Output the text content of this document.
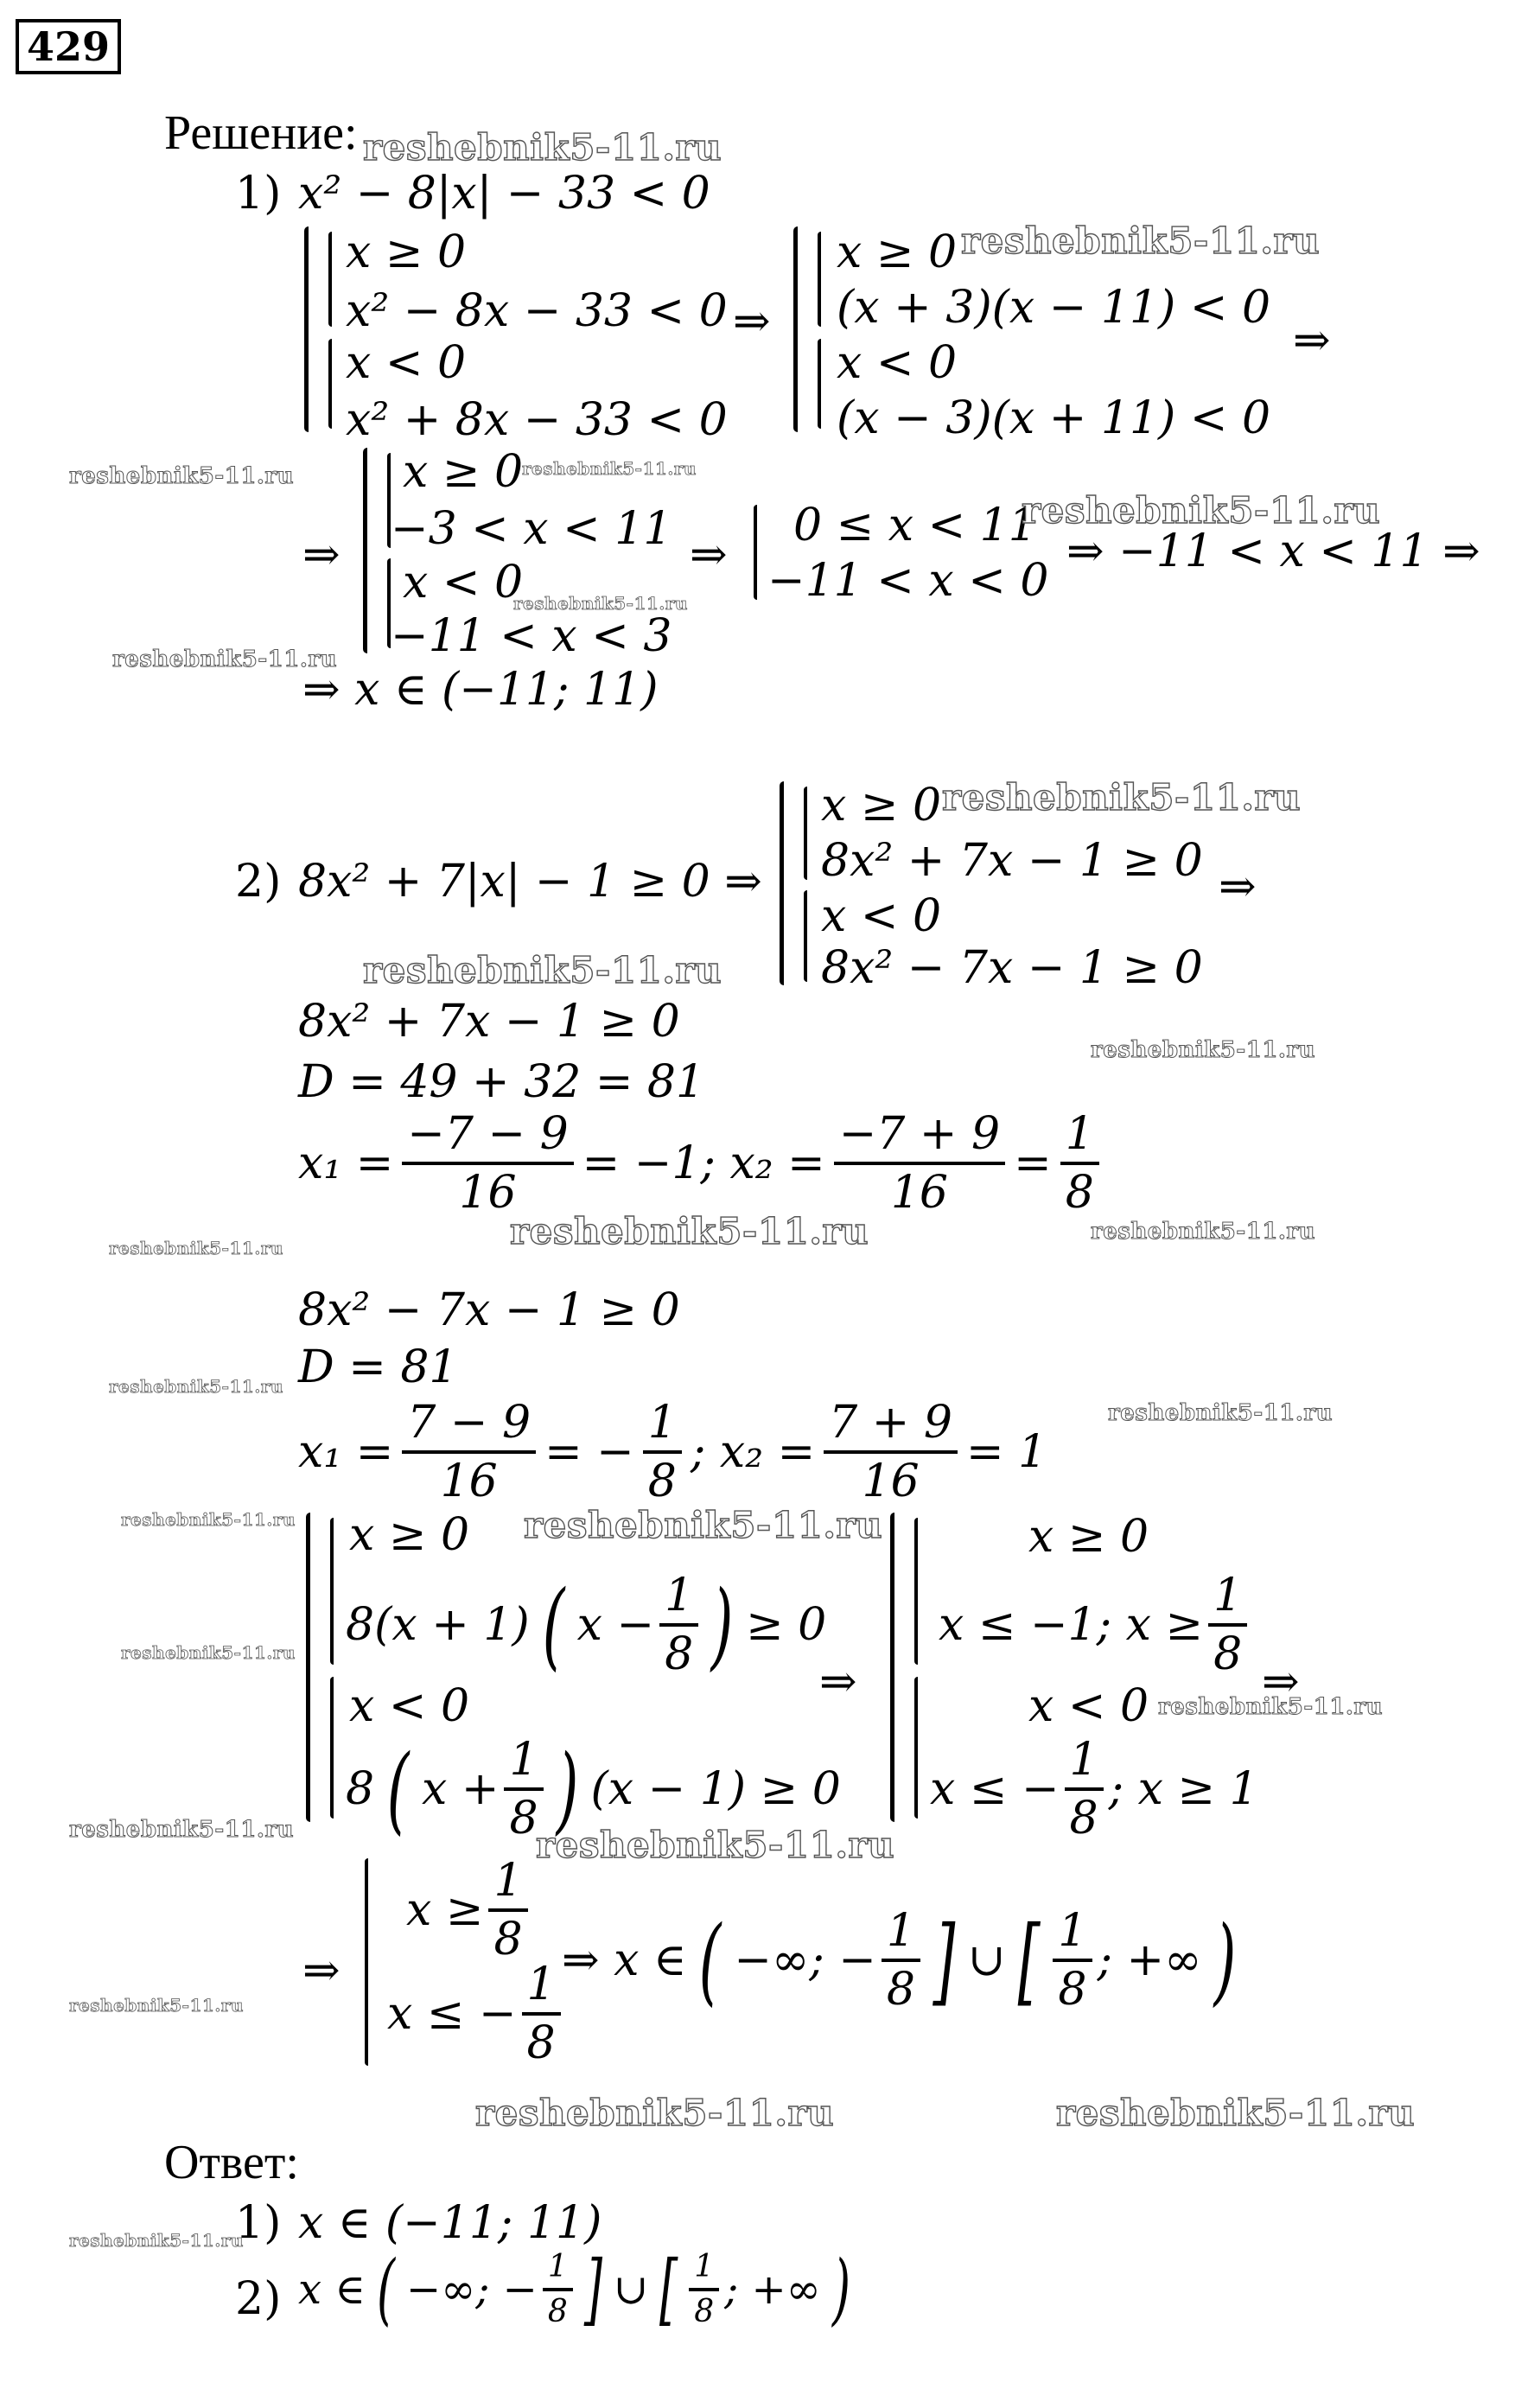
429
Решение:
1) x² − 8|x| − 33 < 0
x ≥ 0
x² − 8x − 33 < 0
x < 0
x² + 8x − 33 < 0
⇒
x ≥ 0
(x + 3)(x − 11) < 0
x < 0
(x − 3)(x + 11) < 0
⇒
⇒
x ≥ 0
−3 < x < 11
x < 0
−11 < x < 3
⇒
0 ≤ x < 11
−11 < x < 0
⇒ −11 < x < 11 ⇒
⇒ x ∈ (−11; 11)
2) 8x² + 7|x| − 1 ≥ 0 ⇒
x ≥ 0
8x² + 7x − 1 ≥ 0
x < 0
8x² − 7x − 1 ≥ 0
⇒
8x² + 7x − 1 ≥ 0
D = 49 + 32 = 81
$x_1 = \frac{-7 - 9}{16} = -1$; $x_2 = \frac{-7 + 9}{16} = \frac{1}{8}$
8x² − 7x − 1 ≥ 0
D = 81
$x_1 = \frac{7 - 9}{16}$ = − $\frac{1}{8}$ ; $x_2 = \frac{7 + 9}{16} = 1$
x ≥ 0
8(x + 1) ( $x - \frac{1}{8}$ ) ≥ 0
x < 0
8 ( $x + \frac{1}{8}$ ) (x − 1) ≥ 0
⇒
x ≥ 0
x ≤ −1; $x \ge \frac{1}{8}$
x < 0
x ≤ − $\frac{1}{8}$ ; x ≥ 1
⇒
⇒
$x \ge \frac{1}{8}$
x ≤ − $\frac{1}{8}$
⇒ x ∈ ( −∞; − $\frac{1}{8}$ ] ∪ [ $\frac{1}{8}$ ; +∞ )
Ответ:
1) x ∈ (−11; 11)
2) x ∈ ( −∞; − $\frac{1}{8}$ ] ∪ [ $\frac{1}{8}$ ; +∞ )
reshebnik5-11.ru
reshebnik5-11.ru
reshebnik5-11.ru	reshebnik5-11.ru
reshebnik5-11.ru
reshebnik5-11.ru
reshebnik5-11.ru
reshebnik5-11.ru
reshebnik5-11.ru
reshebnik5-11.ru
reshebnik5-11.ru
reshebnik5-11.ru
reshebnik5-11.ru
reshebnik5-11.ru
reshebnik5-11.ru
reshebnik5-11.ru	reshebnik5-11.ru
reshebnik5-11.ru
reshebnik5-11.ru
reshebnik5-11.ru	reshebnik5-11.ru
reshebnik5-11.ru
reshebnik5-11.ru	reshebnik5-11.ru
reshebnik5-11.ru
